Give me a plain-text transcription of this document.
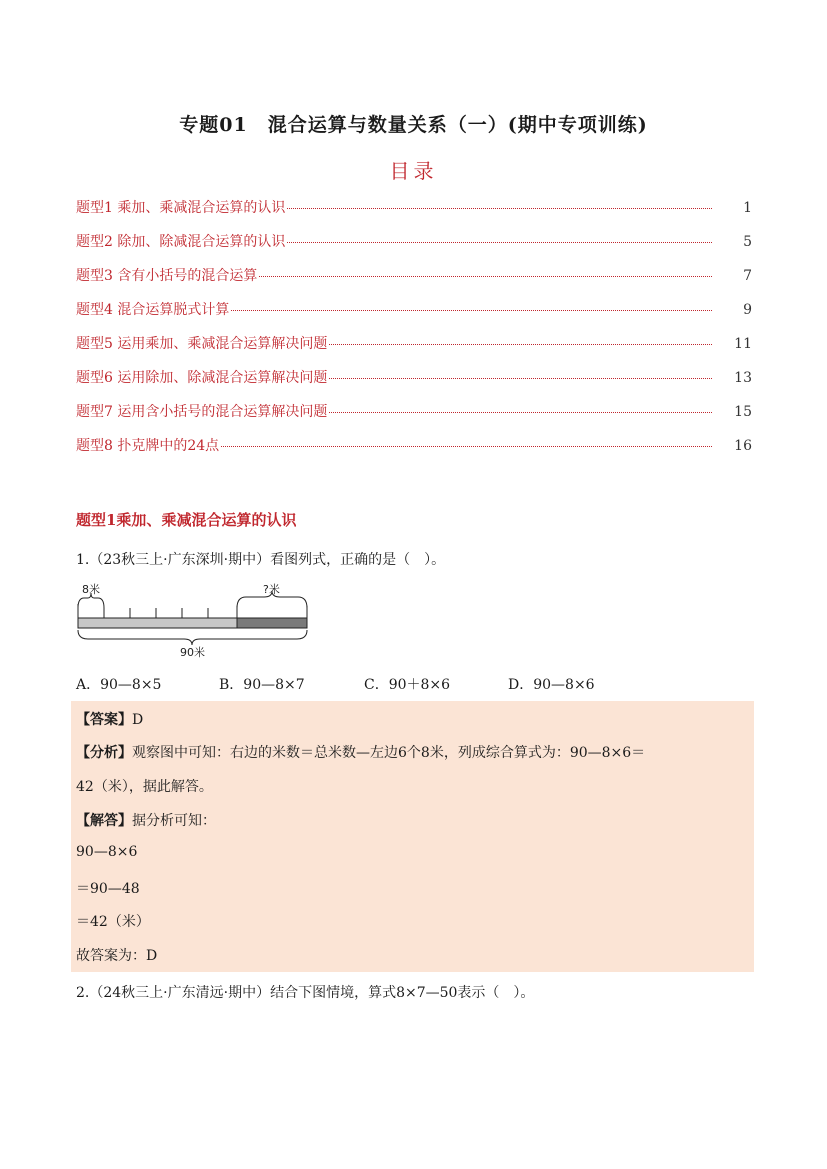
专题01　混合运算与数量关系（一）(期中专项训练)
目录
题型1 乘加、乘减混合运算的认识	1
题型2 除加、除减混合运算的认识	5
题型3 含有小括号的混合运算	7
题型4 混合运算脱式计算	9
题型5 运用乘加、乘减混合运算解决问题	11
题型6 运用除加、除减混合运算解决问题	13
题型7 运用含小括号的混合运算解决问题	15
题型8 扑克牌中的24点	16
题型1乘加、乘减混合运算的认识
1.（23秋三上·广东深圳·期中）看图列式，正确的是（　）。
8米	?米
90米
A．90—8×5	B．90—8×7	C．90＋8×6	D．90—8×6
【答案】D
【分析】观察图中可知：右边的米数＝总米数—左边6个8米，列成综合算式为：90—8×6＝
42（米），据此解答。
【解答】据分析可知：
90—8×6
＝90—48
＝42（米）
故答案为：D
2.（24秋三上·广东清远·期中）结合下图情境，算式8×7—50表示（　）。
